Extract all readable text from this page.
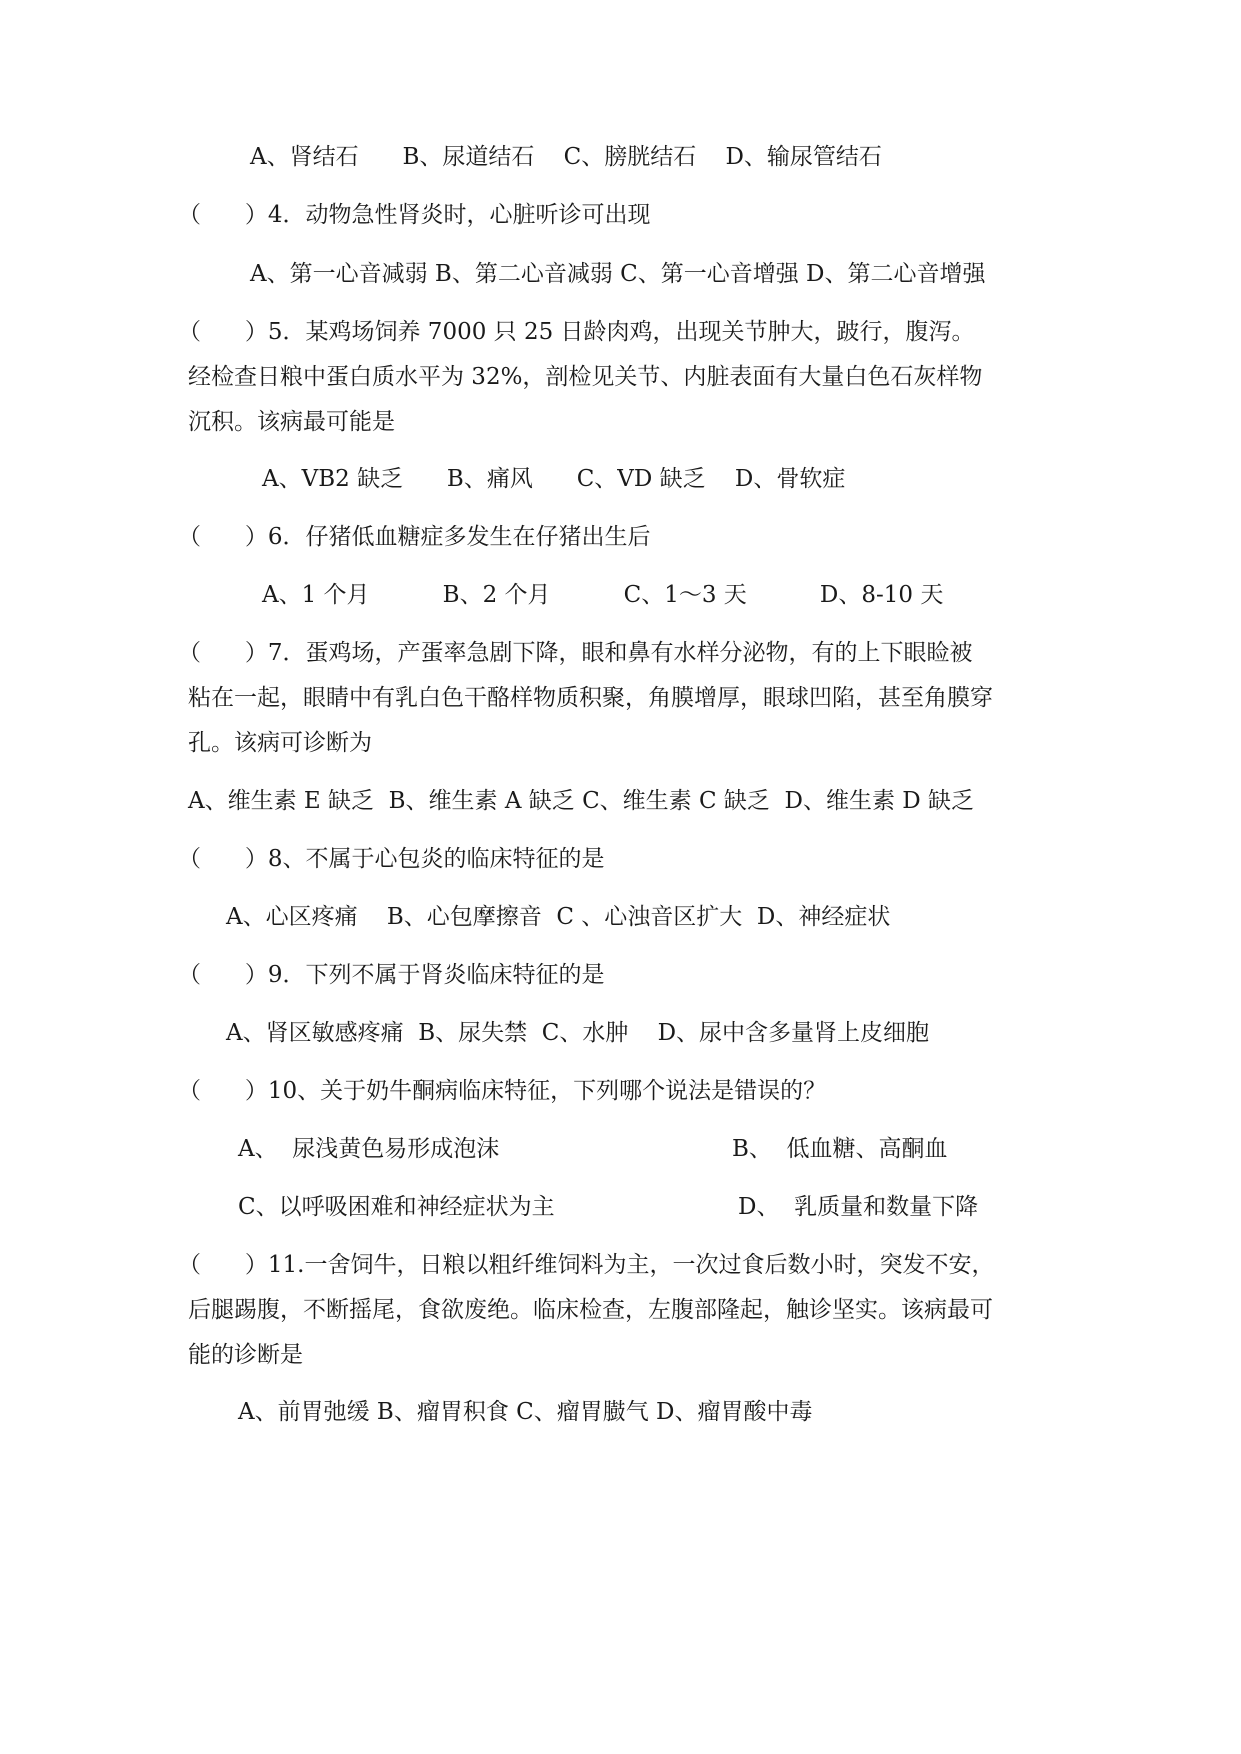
A、肾结石      B、尿道结石    C、膀胱结石    D、输尿管结石
（      ）4．动物急性肾炎时，心脏听诊可出现
A、第一心音减弱 B、第二心音减弱 C、第一心音增强 D、第二心音增强
（      ）5．某鸡场饲养 7000 只 25 日龄肉鸡，出现关节肿大，跛行，腹泻。
经检查日粮中蛋白质水平为 32%，剖检见关节、内脏表面有大量白色石灰样物
沉积。该病最可能是
A、VB2 缺乏      B、痛风      C、VD 缺乏    D、骨软症
（      ）6．仔猪低血糖症多发生在仔猪出生后
A、1 个月          B、2 个月          C、1～3 天          D、8-10 天
（      ）7．蛋鸡场，产蛋率急剧下降，眼和鼻有水样分泌物，有的上下眼睑被
粘在一起，眼睛中有乳白色干酪样物质积聚，角膜增厚，眼球凹陷，甚至角膜穿
孔。该病可诊断为
A、维生素 E 缺乏  B、维生素 A 缺乏 C、维生素 C 缺乏  D、维生素 D 缺乏
（      ）8、不属于心包炎的临床特征的是
A、心区疼痛    B、心包摩擦音  C 、心浊音区扩大  D、神经症状
（      ）9．下列不属于肾炎临床特征的是
A、肾区敏感疼痛  B、尿失禁  C、水肿    D、尿中含多量肾上皮细胞
（      ）10、关于奶牛酮病临床特征，下列哪个说法是错误的？
A、  尿浅黄色易形成泡沫	B、  低血糖、高酮血
C、以呼吸困难和神经症状为主	D、  乳质量和数量下降
（      ）11.一舍饲牛，日粮以粗纤维饲料为主，一次过食后数小时，突发不安，
后腿踢腹，不断摇尾，食欲废绝。临床检查，左腹部隆起，触诊坚实。该病最可
能的诊断是
A、前胃弛缓 B、瘤胃积食 C、瘤胃臌气 D、瘤胃酸中毒
